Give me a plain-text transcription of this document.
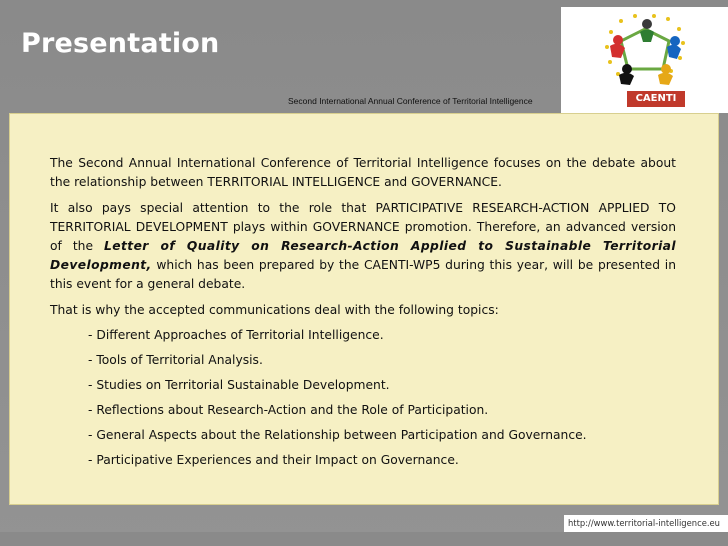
Presentation
Second International Annual Conference of Territorial Intelligence	CAENTI

The Second Annual International Conference of Territorial Intelligence focuses on the debate about the relationship between TERRITORIAL INTELLIGENCE and GOVERNANCE.

It also pays special attention to the role that PARTICIPATIVE RESEARCH-ACTION APPLIED TO TERRITORIAL DEVELOPMENT plays within GOVERNANCE promotion. Therefore, an advanced version of the Letter of Quality on Research-Action Applied to Sustainable Territorial Development, which has been prepared by the CAENTI-WP5 during this year, will be presented in this event for a general debate.

That is why the accepted communications deal with the following topics:

- Different Approaches of Territorial Intelligence.
- Tools of Territorial Analysis.
- Studies on Territorial Sustainable Development.
- Reflections about Research-Action and the Role of Participation.
- General Aspects about the Relationship between Participation and Governance.
- Participative Experiences and their Impact on Governance.
http://www.territorial-intelligence.eu
